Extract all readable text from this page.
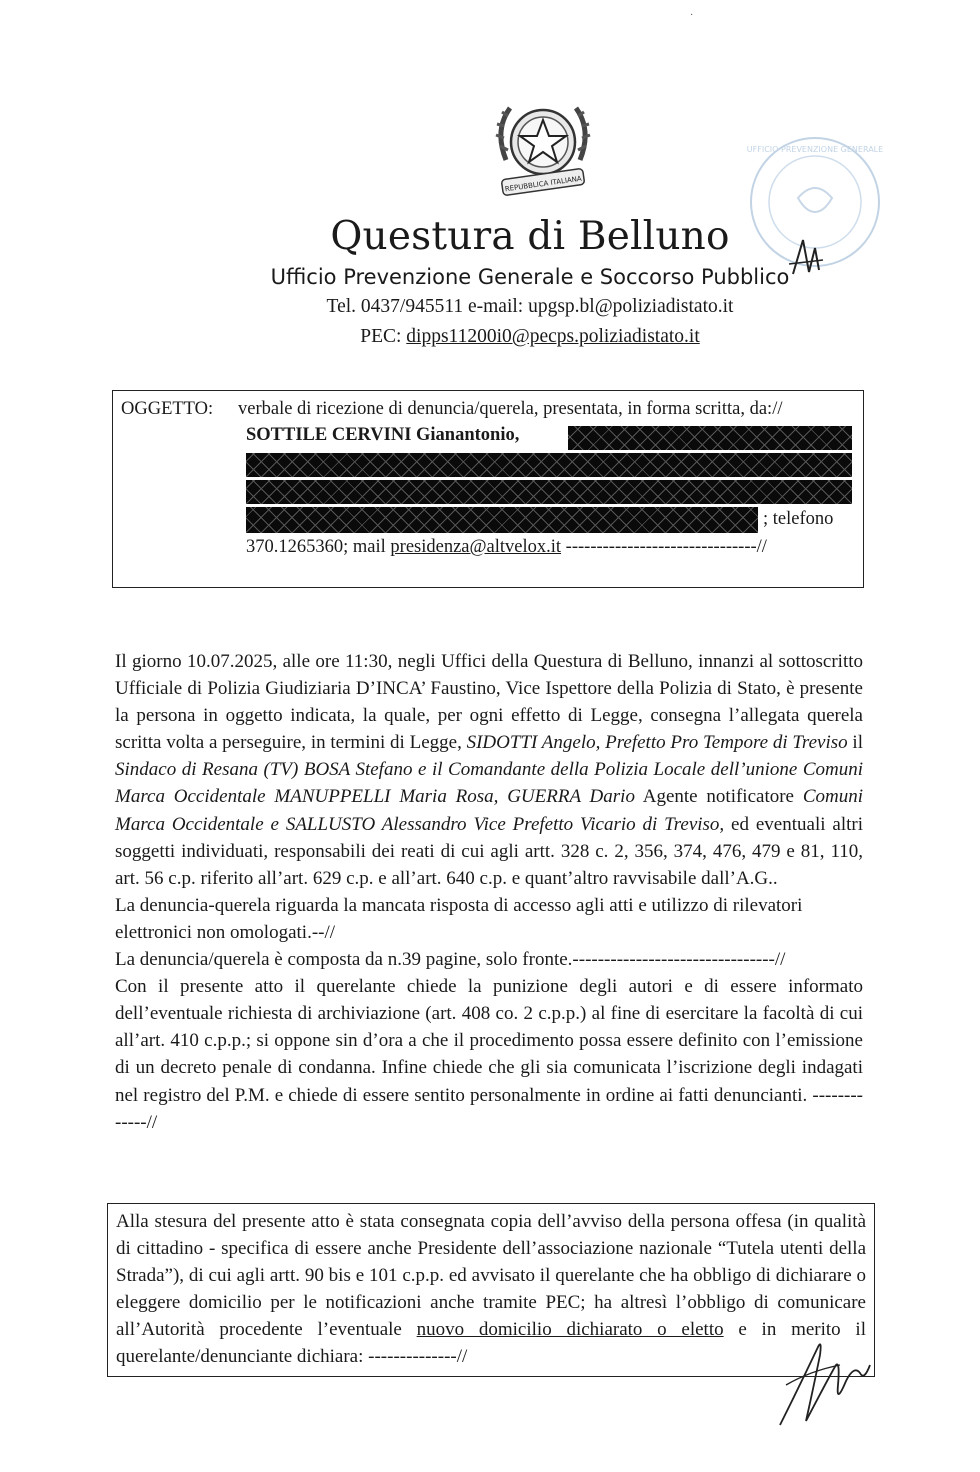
·
REPUBBLICA ITALIANA
UFFICIO PREVENZIONE GENERALE
Questura di Belluno
Ufficio Prevenzione Generale e Soccorso Pubblico
Tel. 0437/945511 e-mail: upgsp.bl@poliziadistato.it
PEC: dipps11200i0@pecps.poliziadistato.it
OGGETTO: verbale di ricezione di denuncia/querela, presentata, in forma scritta, da://
SOTTILE CERVINI Gianantonio,
; telefono
370.1265360; mail presidenza@altvelox.it -------------------------------//

Il giorno 10.07.2025, alle ore 11:30, negli Uffici della Questura di Belluno, innanzi al sottoscritto Ufficiale di Polizia Giudiziaria D’INCA’ Faustino, Vice Ispettore della Polizia di Stato, è presente la persona in oggetto indicata, la quale, per ogni effetto di Legge, consegna l’allegata querela scritta volta a perseguire, in termini di Legge, SIDOTTI Angelo, Prefetto Pro Tempore di Treviso il Sindaco di Resana (TV) BOSA Stefano e il Comandante della Polizia Locale dell’unione Comuni Marca Occidentale MANUPPELLI Maria Rosa, GUERRA Dario Agente notificatore Comuni Marca Occidentale e SALLUSTO Alessandro Vice Prefetto Vicario di Treviso, ed eventuali altri soggetti individuati, responsabili dei reati di cui agli artt. 328 c. 2, 356, 374, 476, 479 e 81, 110, art. 56 c.p. riferito all’art. 629 c.p. e all’art. 640 c.p. e quant’altro ravvisabile dall’A.G..

La denuncia-querela riguarda la mancata risposta di accesso agli atti e utilizzo di rilevatori elettronici non omologati.--//

La denuncia/querela è composta da n.39 pagine, solo fronte.--------------------------------//

Con il presente atto il querelante chiede la punizione degli autori e di essere informato dell’eventuale richiesta di archiviazione (art. 408 co. 2 c.p.p.) al fine di esercitare la facoltà di cui all’art. 410 c.p.p.; si oppone sin d’ora a che il procedimento possa essere definito con l’emissione di un decreto penale di condanna. Infine chiede che gli sia comunicata l’iscrizione degli indagati nel registro del P.M. e chiede di essere sentito personalmente in ordine ai fatti denuncianti. -------------//

Alla stesura del presente atto è stata consegnata copia dell’avviso della persona offesa (in qualità di cittadino - specifica di essere anche Presidente dell’associazione nazionale “Tutela utenti della Strada”), di cui agli artt. 90 bis e 101 c.p.p. ed avvisato il querelante che ha obbligo di dichiarare o eleggere domicilio per le notificazioni anche tramite PEC; ha altresì l’obbligo di comunicare all’Autorità procedente l’eventuale nuovo domicilio dichiarato o eletto e in merito il querelante/denunciante dichiara: --------------//
